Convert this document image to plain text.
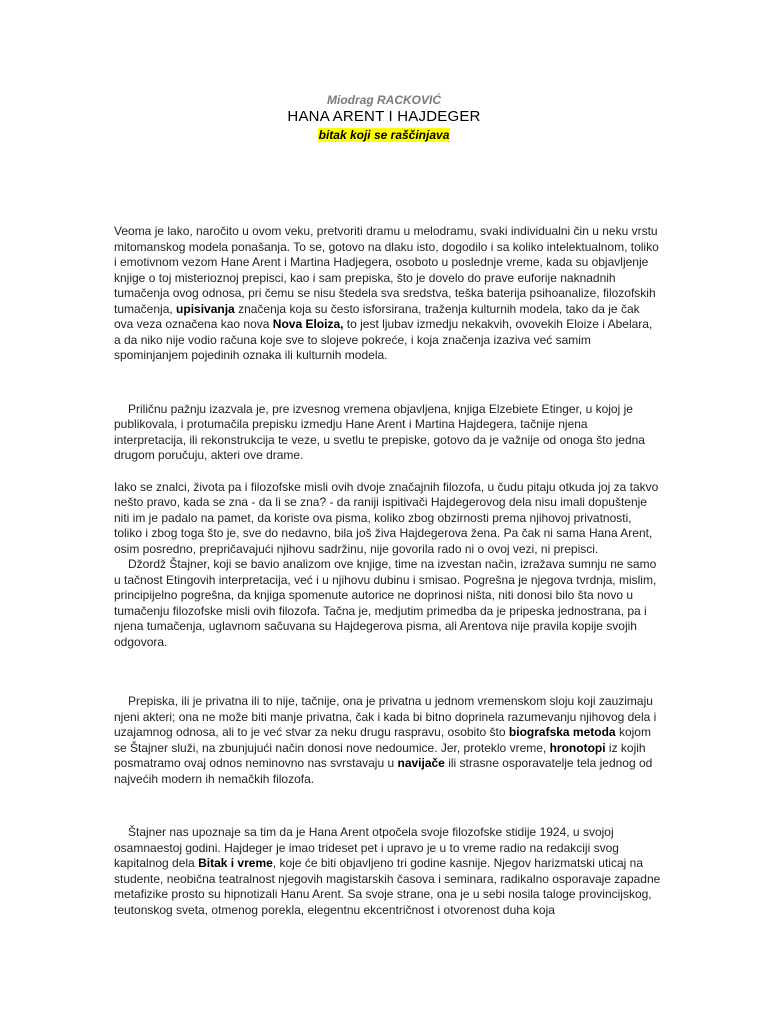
Miodrag RACKOVIĆ
HANA ARENT I HAJDEGER
bitak koji se raščinjava

Veoma je lako, naročito u ovom veku, pretvoriti dramu u melodramu, svaki individualni čin u neku vrstu mitomanskog modela ponašanja. To se, gotovo na dlaku isto, dogodilo i sa koliko intelektualnom, toliko i emotivnom vezom Hane Arent i Martina Hadjegera, osoboto u poslednje vreme, kada su objavljenje knjige o toj misterioznoj prepisci, kao i sam prepiska, što je dovelo do prave euforije naknadnih tumačenja ovog odnosa, pri čemu se nisu štedela sva sredstva, teška baterija psihoanalize, filozofskih tumačenja, upisivanja značenja koja su često isforsirana, traženja kulturnih modela, tako da je čak ova veza označena kao nova Nova Eloiza, to jest ljubav izmedju nekakvih, ovovekih Eloize i Abelara, a da niko nije vodio računa koje sve to slojeve pokreće, i koja značenja izaziva već samim spominjanjem pojedinih oznaka ili kulturnih modela.

Priličnu pažnju izazvala je, pre izvesnog vremena objavljena, knjiga Elzebiete Etinger, u kojoj je publikovala, i protumačila prepisku izmedju Hane Arent i Martina Hajdegera, tačnije njena interpretacija, ili rekonstrukcija te veze, u svetlu te prepiske, gotovo da je važnije od onoga što jedna drugom poručuju, akteri ove drame.

Iako se znalci, života pa i filozofske misli ovih dvoje značajnih filozofa, u čudu pitaju otkuda joj za takvo nešto pravo, kada se zna - da li se zna? - da raniji ispitivači Hajdegerovog dela nisu imali dopuštenje niti im je padalo na pamet, da koriste ova pisma, koliko zbog obzirnosti prema njihovoj privatnosti, toliko i zbog toga što je, sve do nedavno, bila još živa Hajdegerova žena. Pa čak ni sama Hana Arent, osim posredno, prepričavajući njihovu sadržinu, nije govorila rado ni o ovoj vezi, ni prepisci.

Džordž Štajner, koji se bavio analizom ove knjige, time na izvestan način, izražava sumnju ne samo u tačnost Etingovih interpretacija, već i u njihovu dubinu i smisao. Pogrešna je njegova tvrdnja, mislim, principijelno pogrešna, da knjiga spomenute autorice ne doprinosi ništa, niti donosi bilo šta novo u tumačenju filozofske misli ovih filozofa. Tačna je, medjutim primedba da je pripeska jednostrana, pa i njena tumačenja, uglavnom sačuvana su Hajdegerova pisma, ali Arentova nije pravila kopije svojih odgovora.

Prepiska, ili je privatna ili to nije, tačnije, ona je privatna u jednom vremenskom sloju koji zauzimaju njeni akteri; ona ne može biti manje privatna, čak i kada bi bitno doprinela razumevanju njihovog dela i uzajamnog odnosa, ali to je već stvar za neku drugu raspravu, osobito što biografska metoda kojom se Štajner služi, na zbunjujući način donosi nove nedoumice. Jer, proteklo vreme, hronotopi iz kojih posmatramo ovaj odnos neminovno nas svrstavaju u navijače ili strasne osporavatelje tela jednog od najvećih modern ih nemačkih filozofa.

Štajner nas upoznaje sa tim da je Hana Arent otpočela svoje filozofske stidije 1924, u svojoj osamnaestoj godini. Hajdeger je imao trideset pet i upravo je u to vreme radio na redakciji svog kapitalnog dela Bitak i vreme, koje će biti objavljeno tri godine kasnije. Njegov harizmatski uticaj na studente, neobična teatralnost njegovih magistarskih časova i seminara, radikalno osporavaje zapadne metafizike prosto su hipnotizali Hanu Arent. Sa svoje strane, ona je u sebi nosila taloge provincijskog, teutonskog sveta, otmenog porekla, elegentnu ekcentričnost i otvorenost duha koja
